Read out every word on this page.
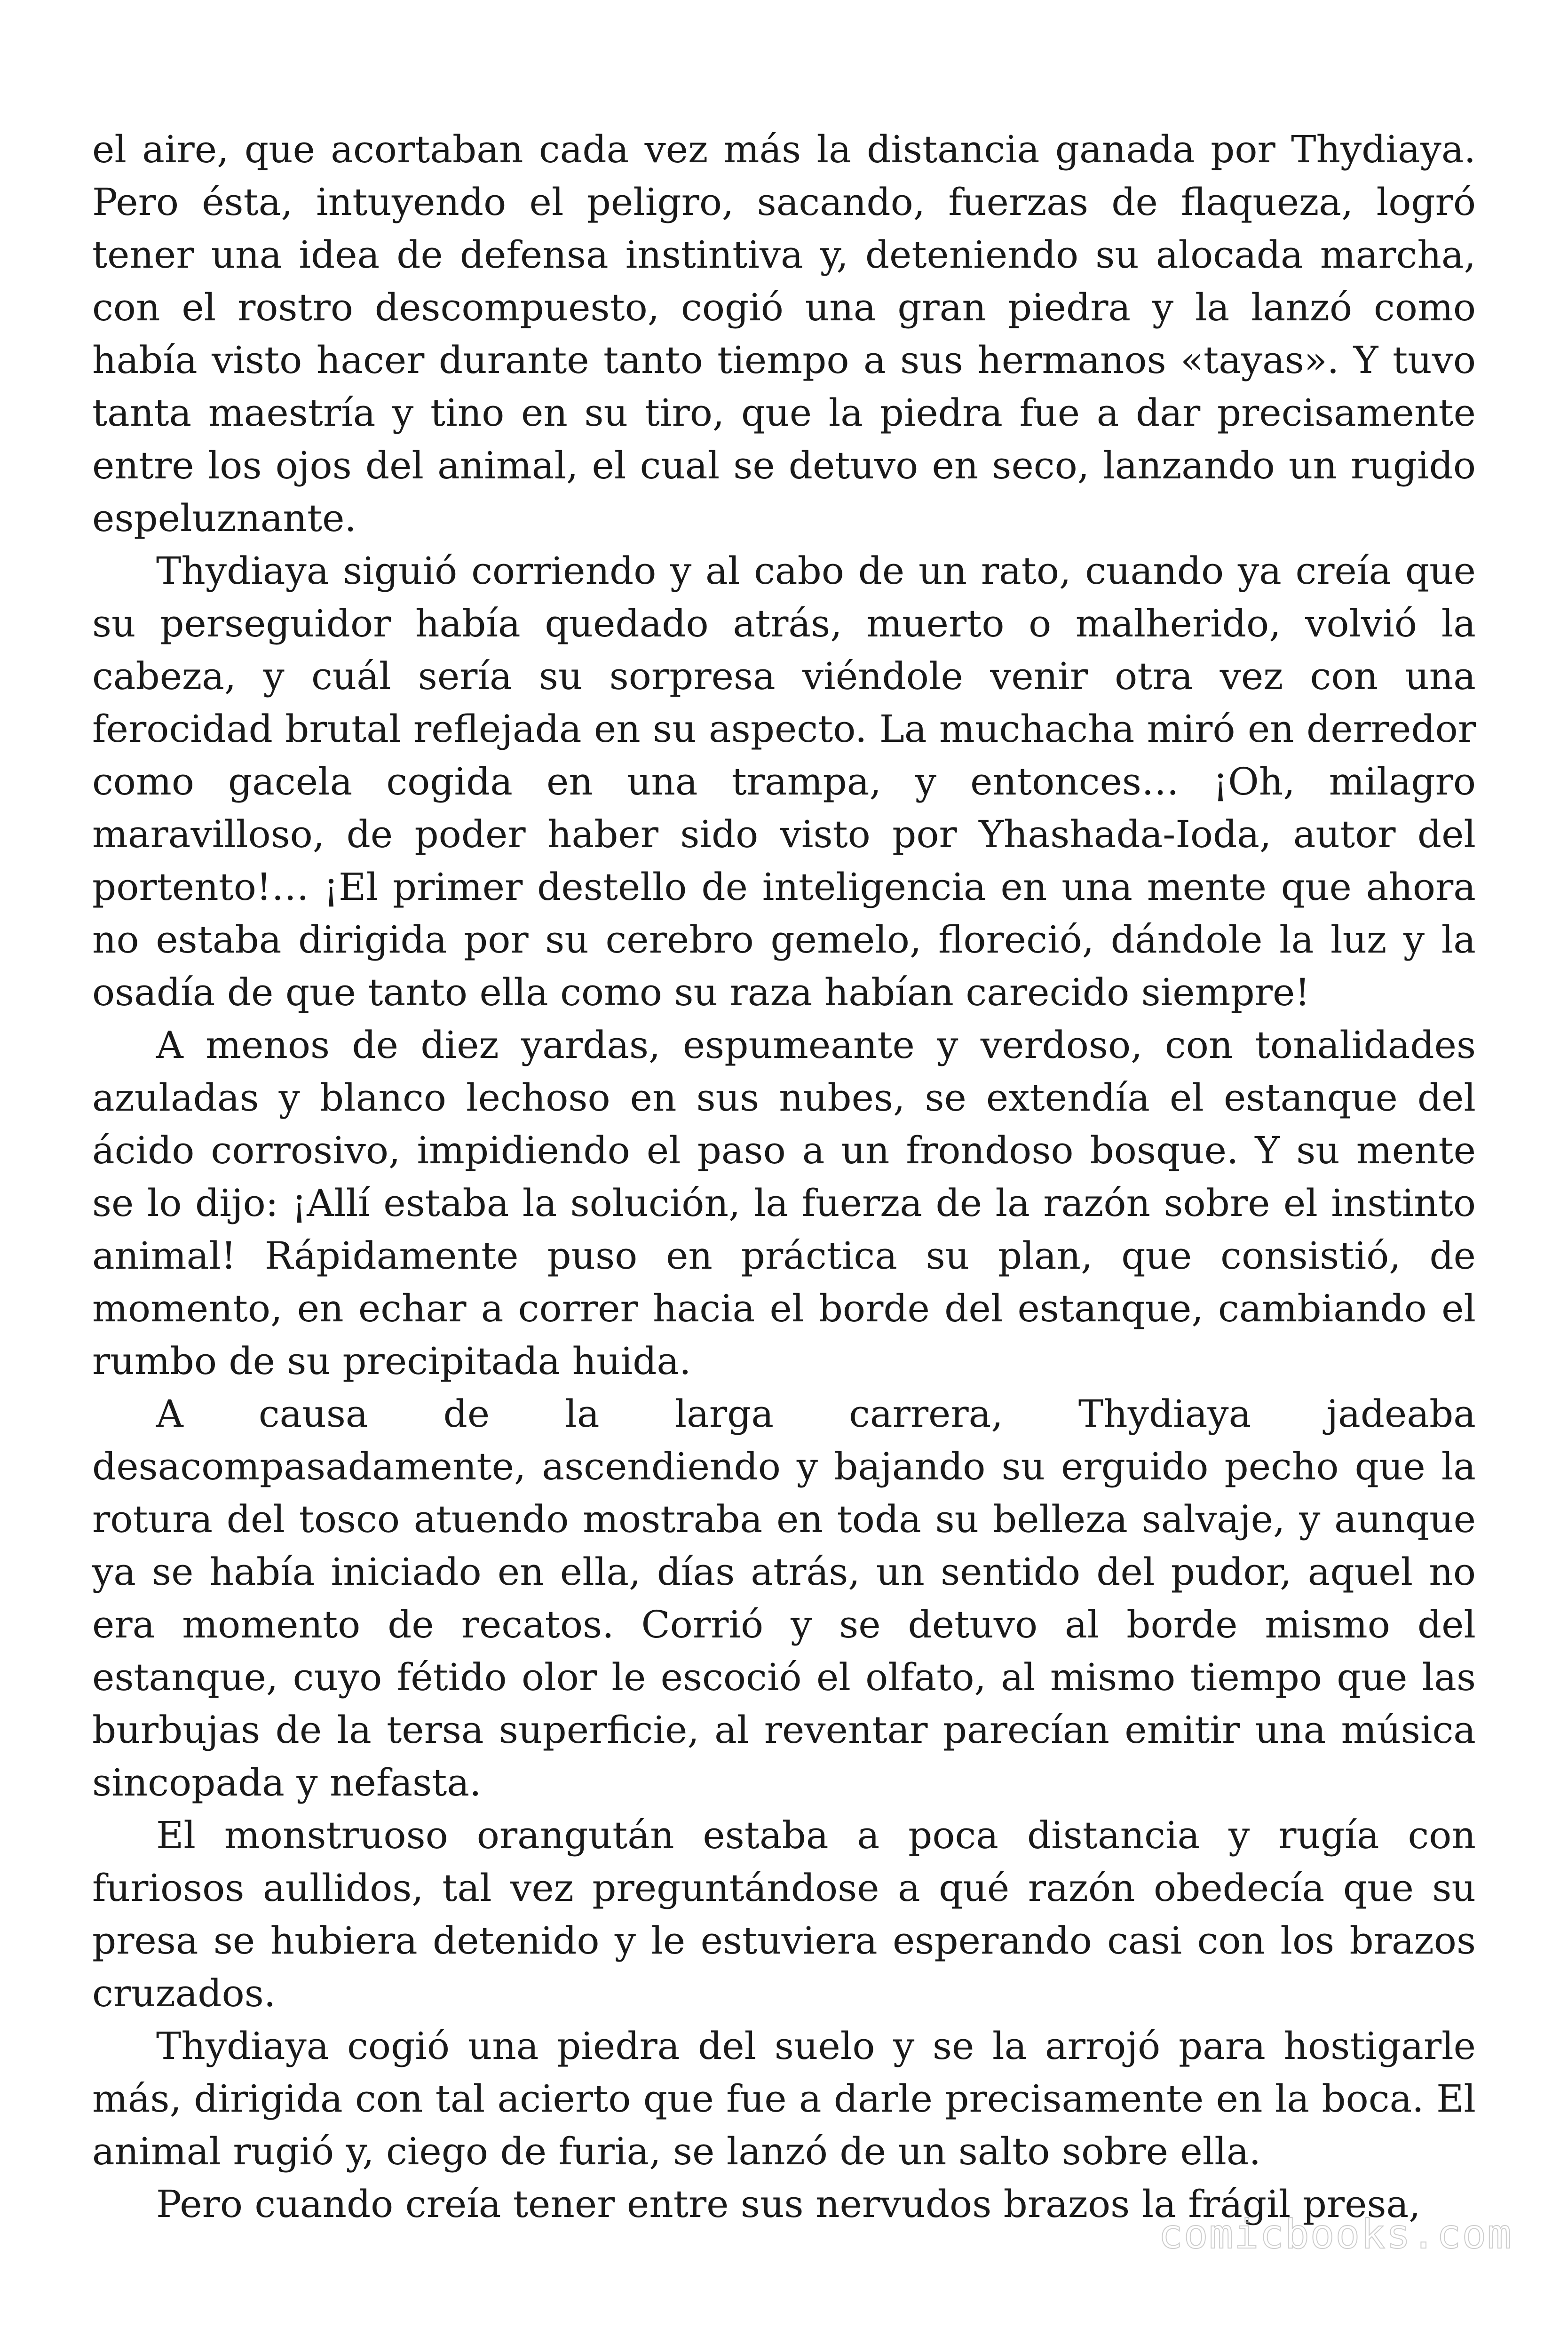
el aire, que acortaban cada vez más la distancia ganada por Thydiaya. Pero ésta, intuyendo el peligro, sacando, fuerzas de flaqueza, logró tener una idea de defensa instintiva y, deteniendo su alocada marcha, con el rostro descompuesto, cogió una gran piedra y la lanzó como había visto hacer durante tanto tiempo a sus hermanos «tayas». Y tuvo tanta maestría y tino en su tiro, que la piedra fue a dar precisamente entre los ojos del animal, el cual se detuvo en seco, lanzando un rugido espeluznante.

Thydiaya siguió corriendo y al cabo de un rato, cuando ya creía que su perseguidor había quedado atrás, muerto o malherido, volvió la cabeza, y cuál sería su sorpresa viéndole venir otra vez con una ferocidad brutal reflejada en su aspecto. La muchacha miró en derredor como gacela cogida en una trampa, y entonces… ¡Oh, milagro maravilloso, de poder haber sido visto por Yhashada-Ioda, autor del portento!… ¡El primer destello de inteligencia en una mente que ahora no estaba dirigida por su cerebro gemelo, floreció, dándole la luz y la osadía de que tanto ella como su raza habían carecido siempre!

A menos de diez yardas, espumeante y verdoso, con tonalidades azuladas y blanco lechoso en sus nubes, se extendía el estanque del ácido corrosivo, impidiendo el paso a un frondoso bosque. Y su mente se lo dijo: ¡Allí estaba la solución, la fuerza de la razón sobre el instinto animal! Rápidamente puso en práctica su plan, que consistió, de momento, en echar a correr hacia el borde del estanque, cambiando el rumbo de su precipitada huida.

A causa de la larga carrera, Thydiaya jadeaba desacompasadamente, ascendiendo y bajando su erguido pecho que la rotura del tosco atuendo mostraba en toda su belleza salvaje, y aunque ya se había iniciado en ella, días atrás, un sentido del pudor, aquel no era momento de recatos. Corrió y se detuvo al borde mismo del estanque, cuyo fétido olor le escoció el olfato, al mismo tiempo que las burbujas de la tersa superficie, al reventar parecían emitir una música sincopada y nefasta.

El monstruoso orangután estaba a poca distancia y rugía con furiosos aullidos, tal vez preguntándose a qué razón obedecía que su presa se hubiera detenido y le estuviera esperando casi con los brazos cruzados.

Thydiaya cogió una piedra del suelo y se la arrojó para hostigarle más, dirigida con tal acierto que fue a darle precisamente en la boca. El animal rugió y, ciego de furia, se lanzó de un salto sobre ella.

Pero cuando creía tener entre sus nervudos brazos la frágil presa,

comicbooks.com
